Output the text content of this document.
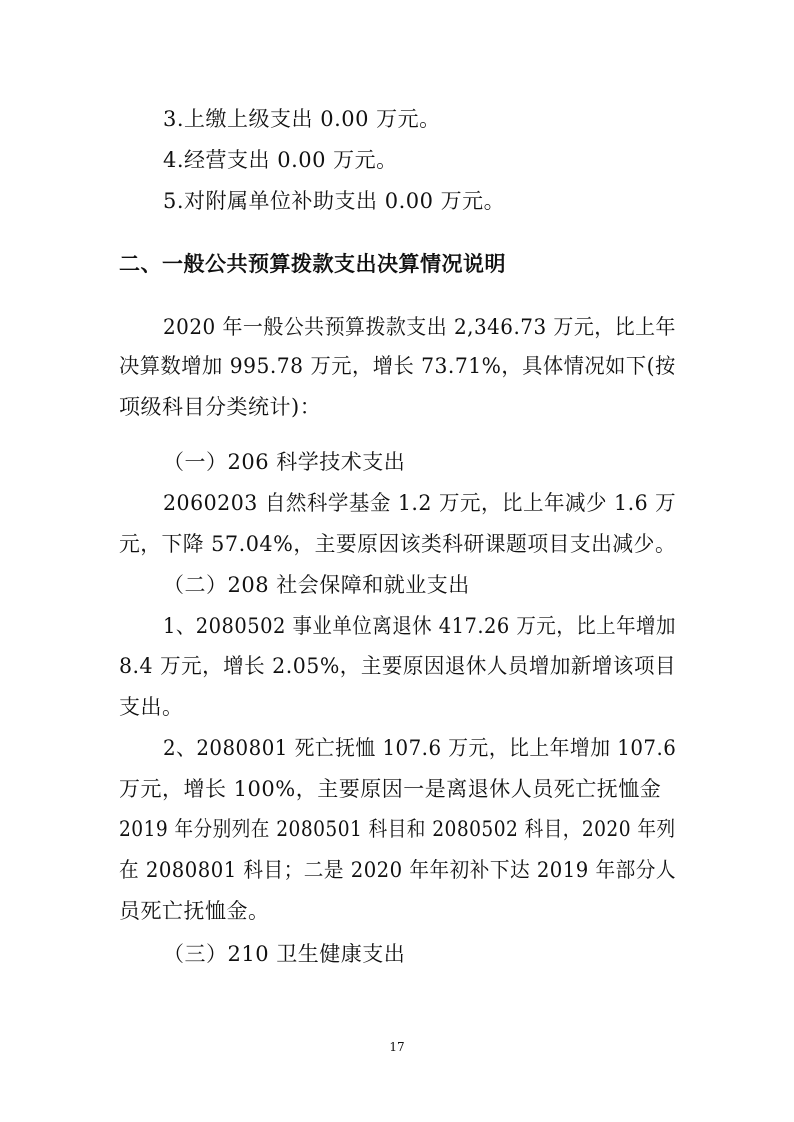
3.上缴上级支出 0.00 万元。
4.经营支出 0.00 万元。
5.对附属单位补助支出 0.00 万元。
二、一般公共预算拨款支出决算情况说明
2020 年一般公共预算拨款支出 2,346.73 万元，比上年
决算数增加 995.78 万元，增长 73.71%，具体情况如下(按
项级科目分类统计)：
（一）206 科学技术支出
2060203 自然科学基金 1.2 万元，比上年减少 1.6 万
元，下降 57.04%，主要原因该类科研课题项目支出减少。
（二）208 社会保障和就业支出
1、2080502 事业单位离退休 417.26 万元，比上年增加
8.4 万元，增长 2.05%，主要原因退休人员增加新增该项目
支出。
2、2080801 死亡抚恤 107.6 万元，比上年增加 107.6
万元，增长 100%，主要原因一是离退休人员死亡抚恤金
2019 年分别列在 2080501 科目和 2080502 科目，2020 年列
在 2080801 科目；二是 2020 年年初补下达 2019 年部分人
员死亡抚恤金。
（三）210 卫生健康支出
17
